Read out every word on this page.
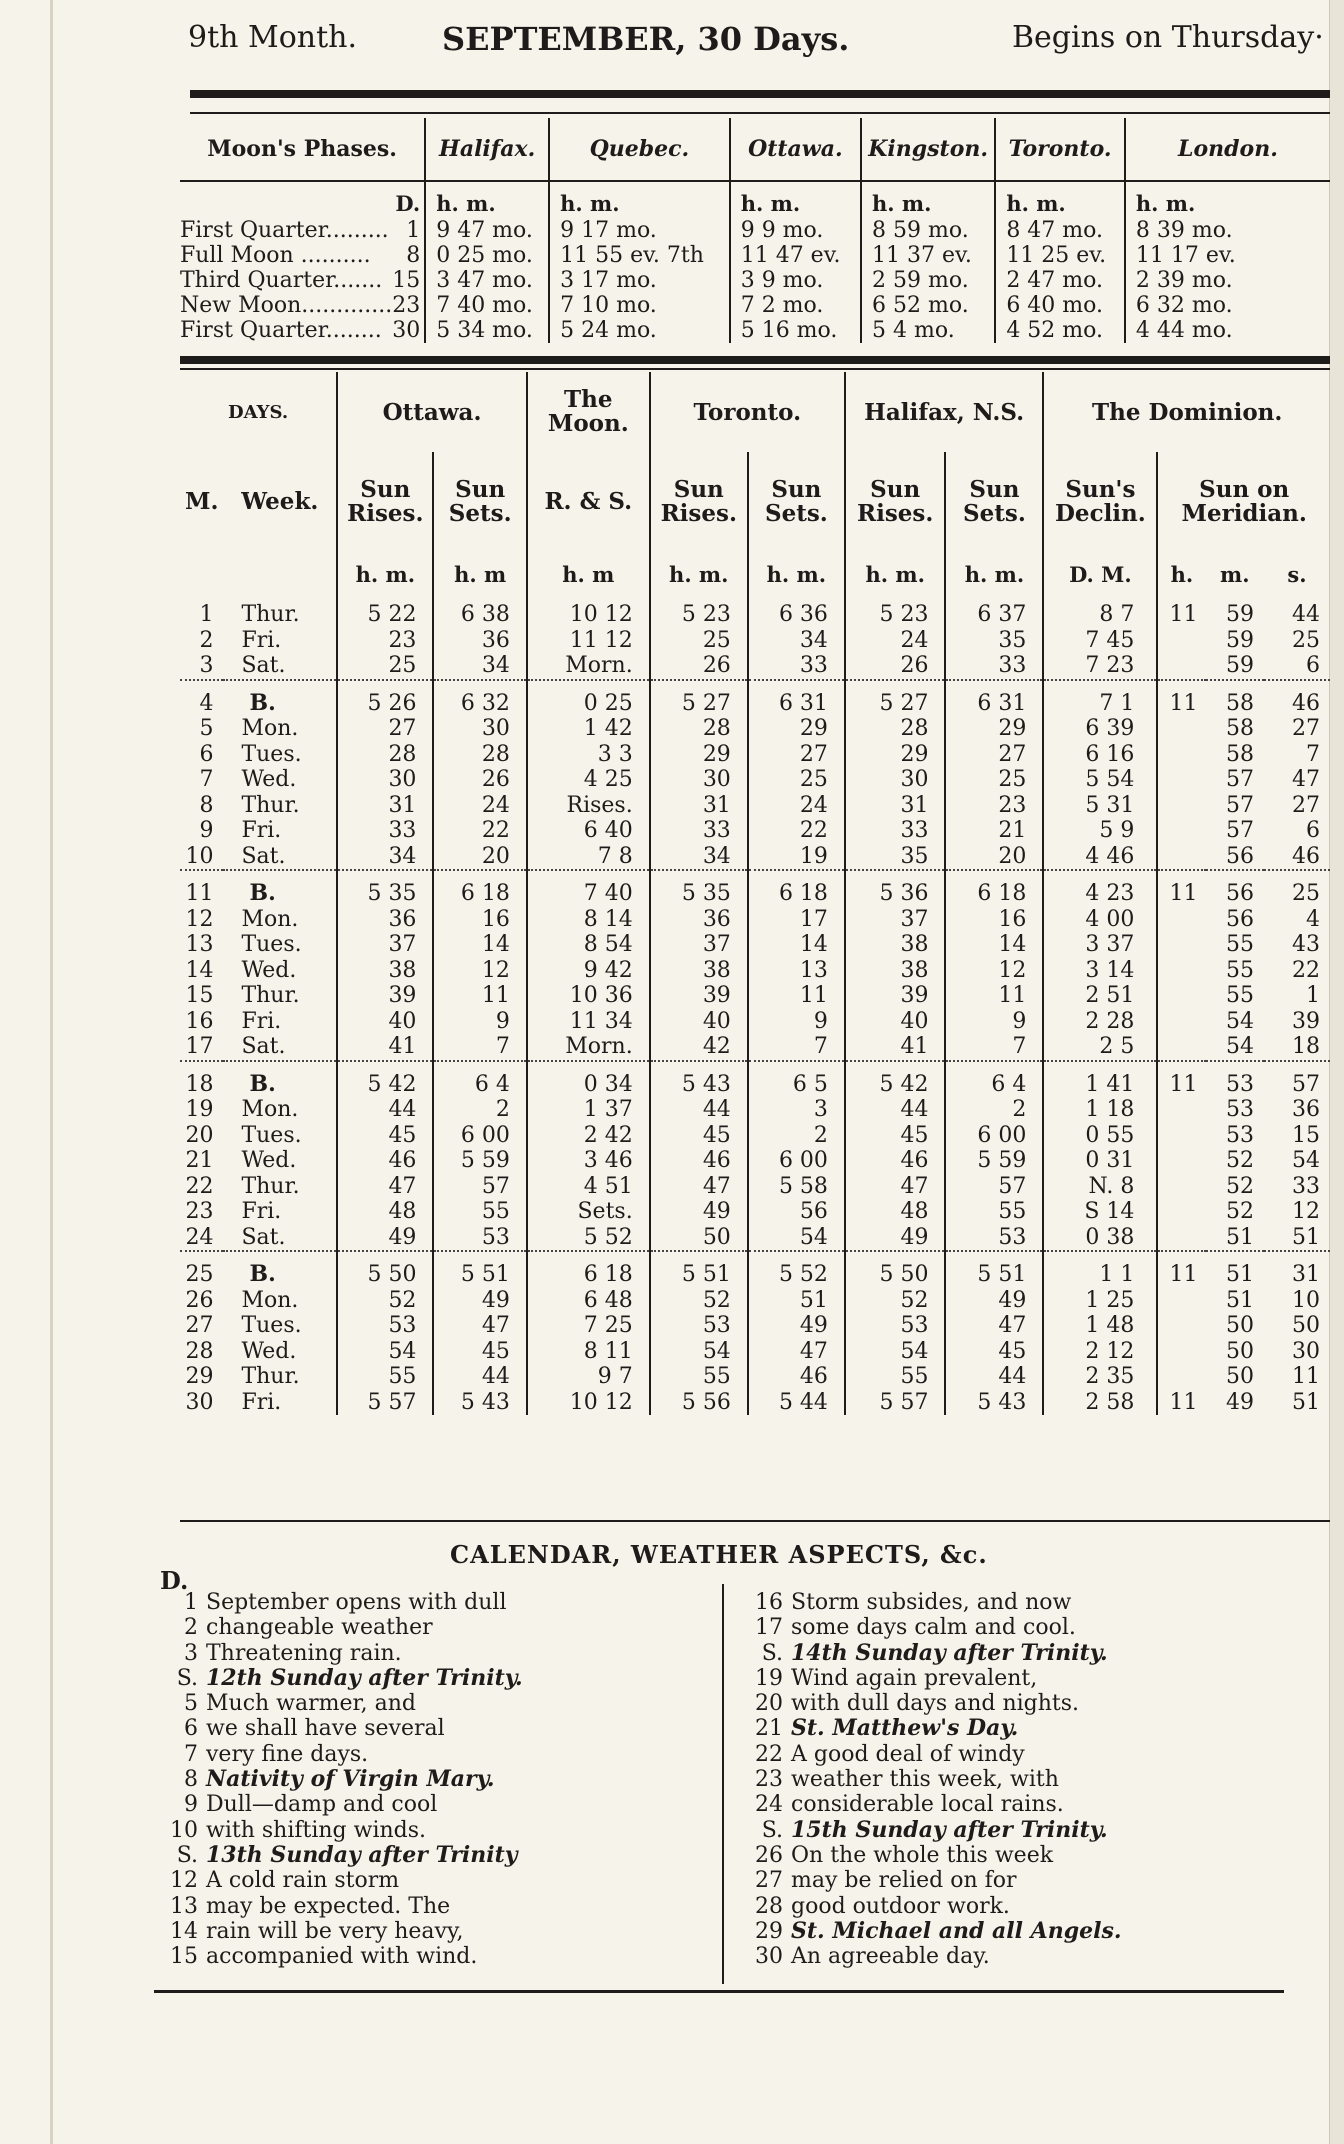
9th Month.	SEPTEMBER, 30 Days.	Begins on Thursday·
Moon's Phases.		Halifax.	Quebec.	Ottawa.	Kingston.	Toronto.	London.
	D.	h. m.	h. m.	h. m.	h. m.	h. m.	h. m.
First Quarter.........	1	9 47 mo.	9 17 mo.	9 9 mo.	8 59 mo.	8 47 mo.	8 39 mo.
Full Moon ..........	8	0 25 mo.	11 55 ev. 7th	11 47 ev.	11 37 ev.	11 25 ev.	11 17 ev.
Third Quarter.......	15	3 47 mo.	3 17 mo.	3 9 mo.	2 59 mo.	2 47 mo.	2 39 mo.
New Moon.............	23	7 40 mo.	7 10 mo.	7 2 mo.	6 52 mo.	6 40 mo.	6 32 mo.
First Quarter........	30	5 34 mo.	5 24 mo.	5 16 mo.	5 4 mo.	4 52 mo.	4 44 mo.
DAYS.		Ottawa.		The Moon.	Toronto.		Halifax, N.S.		The Dominion.			
M.	Week.	Sun Rises.	Sun Sets.	R. & S.	Sun Rises.	Sun Sets.	Sun Rises.	Sun Sets.	Sun's Declin.	Sun on Meridian.		
		h. m.	h. m	h. m	h. m.	h. m.	h. m.	h. m.	D. M.	h.	m.	s.
1	Thur.	5 22	6 38	10 12	5 23	6 36	5 23	6 37	8 7	11	59	44
2	Fri.	23	36	11 12	25	34	24	35	7 45		59	25
3	Sat.	25	34	Morn.	26	33	26	33	7 23		59	6

4	B.	5 26	6 32	0 25	5 27	6 31	5 27	6 31	7 1	11	58	46
5	Mon.	27	30	1 42	28	29	28	29	6 39		58	27
6	Tues.	28	28	3 3	29	27	29	27	6 16		58	7
7	Wed.	30	26	4 25	30	25	30	25	5 54		57	47
8	Thur.	31	24	Rises.	31	24	31	23	5 31		57	27
9	Fri.	33	22	6 40	33	22	33	21	5 9		57	6
10	Sat.	34	20	7 8	34	19	35	20	4 46		56	46

11	B.	5 35	6 18	7 40	5 35	6 18	5 36	6 18	4 23	11	56	25
12	Mon.	36	16	8 14	36	17	37	16	4 00		56	4
13	Tues.	37	14	8 54	37	14	38	14	3 37		55	43
14	Wed.	38	12	9 42	38	13	38	12	3 14		55	22
15	Thur.	39	11	10 36	39	11	39	11	2 51		55	1
16	Fri.	40	9	11 34	40	9	40	9	2 28		54	39
17	Sat.	41	7	Morn.	42	7	41	7	2 5		54	18

18	B.	5 42	6 4	0 34	5 43	6 5	5 42	6 4	1 41	11	53	57
19	Mon.	44	2	1 37	44	3	44	2	1 18		53	36
20	Tues.	45	6 00	2 42	45	2	45	6 00	0 55		53	15
21	Wed.	46	5 59	3 46	46	6 00	46	5 59	0 31		52	54
22	Thur.	47	57	4 51	47	5 58	47	57	N. 8		52	33
23	Fri.	48	55	Sets.	49	56	48	55	S 14		52	12
24	Sat.	49	53	5 52	50	54	49	53	0 38		51	51

25	B.	5 50	5 51	6 18	5 51	5 52	5 50	5 51	1 1	11	51	31
26	Mon.	52	49	6 48	52	51	52	49	1 25		51	10
27	Tues.	53	47	7 25	53	49	53	47	1 48		50	50
28	Wed.	54	45	8 11	54	47	54	45	2 12		50	30
29	Thur.	55	44	9 7	55	46	55	44	2 35		50	11
30	Fri.	5 57	5 43	10 12	5 56	5 44	5 57	5 43	2 58	11	49	51
CALENDAR, WEATHER ASPECTS, &c.
D.
1 September opens with dull
2 changeable weather
3 Threatening rain.
S. 12th Sunday after Trinity.
5 Much warmer, and
6 we shall have several
7 very fine days.
8 Nativity of Virgin Mary.
9 Dull—damp and cool
10 with shifting winds.
S. 13th Sunday after Trinity
12 A cold rain storm
13 may be expected. The
14 rain will be very heavy,
15 accompanied with wind.
16 Storm subsides, and now
17 some days calm and cool.
S. 14th Sunday after Trinity.
19 Wind again prevalent,
20 with dull days and nights.
21 St. Matthew's Day.
22 A good deal of windy
23 weather this week, with
24 considerable local rains.
S. 15th Sunday after Trinity.
26 On the whole this week
27 may be relied on for
28 good outdoor work.
29 St. Michael and all Angels.
30 An agreeable day.
